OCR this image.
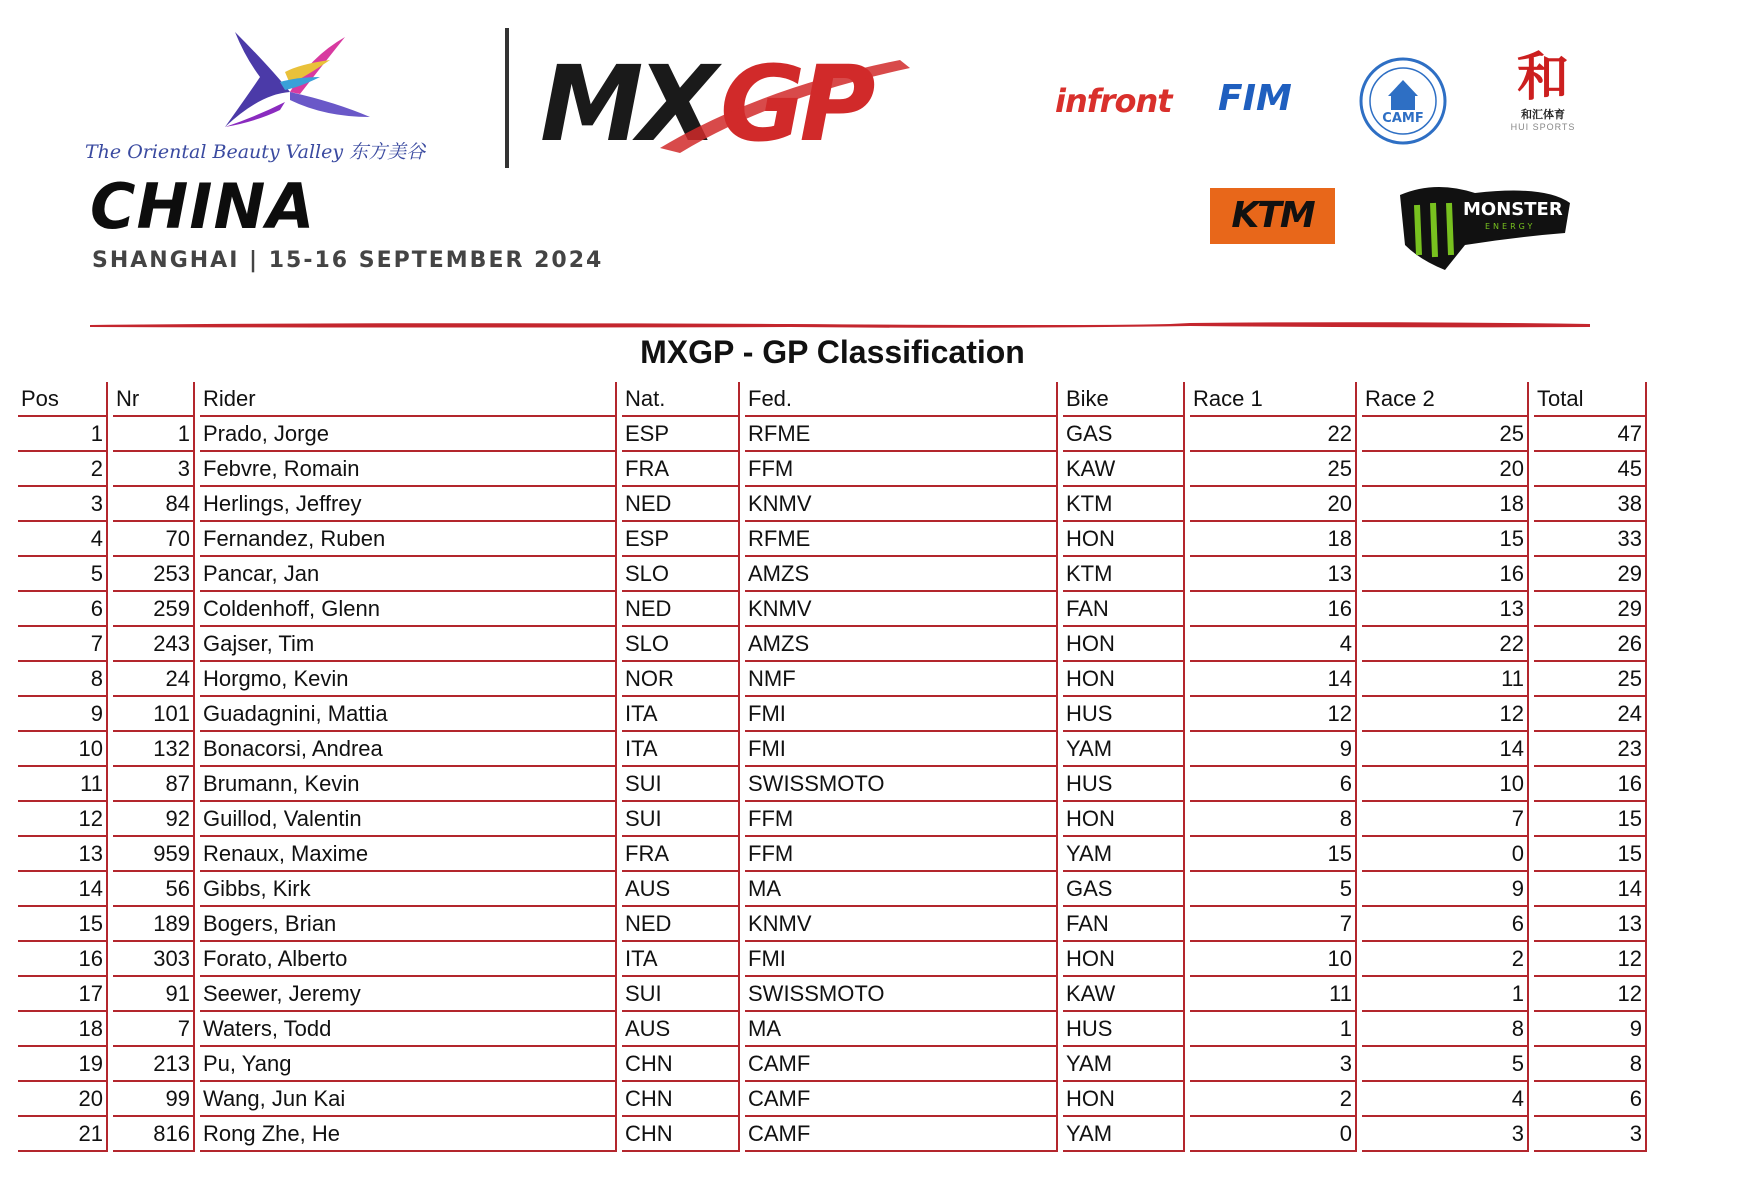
The Oriental Beauty Valley 东方美谷 MX GP
CHINA
SHANGHAI | 15-16 SEPTEMBER 2024
infront FIM	CAMF
和
和汇体育
HUI SPORTS
KTM	MONSTER
ENERGY
MXGP - GP Classification
Pos	Nr	Rider	Nat.	Fed.	Bike	Race 1	Race 2	Total
1	1	Prado, Jorge	ESP	RFME	GAS	22	25	47
2	3	Febvre, Romain	FRA	FFM	KAW	25	20	45
3	84	Herlings, Jeffrey	NED	KNMV	KTM	20	18	38
4	70	Fernandez, Ruben	ESP	RFME	HON	18	15	33
5	253	Pancar, Jan	SLO	AMZS	KTM	13	16	29
6	259	Coldenhoff, Glenn	NED	KNMV	FAN	16	13	29
7	243	Gajser, Tim	SLO	AMZS	HON	4	22	26
8	24	Horgmo, Kevin	NOR	NMF	HON	14	11	25
9	101	Guadagnini, Mattia	ITA	FMI	HUS	12	12	24
10	132	Bonacorsi, Andrea	ITA	FMI	YAM	9	14	23
11	87	Brumann, Kevin	SUI	SWISSMOTO	HUS	6	10	16
12	92	Guillod, Valentin	SUI	FFM	HON	8	7	15
13	959	Renaux, Maxime	FRA	FFM	YAM	15	0	15
14	56	Gibbs, Kirk	AUS	MA	GAS	5	9	14
15	189	Bogers, Brian	NED	KNMV	FAN	7	6	13
16	303	Forato, Alberto	ITA	FMI	HON	10	2	12
17	91	Seewer, Jeremy	SUI	SWISSMOTO	KAW	11	1	12
18	7	Waters, Todd	AUS	MA	HUS	1	8	9
19	213	Pu, Yang	CHN	CAMF	YAM	3	5	8
20	99	Wang, Jun Kai	CHN	CAMF	HON	2	4	6
21	816	Rong Zhe, He	CHN	CAMF	YAM	0	3	3
